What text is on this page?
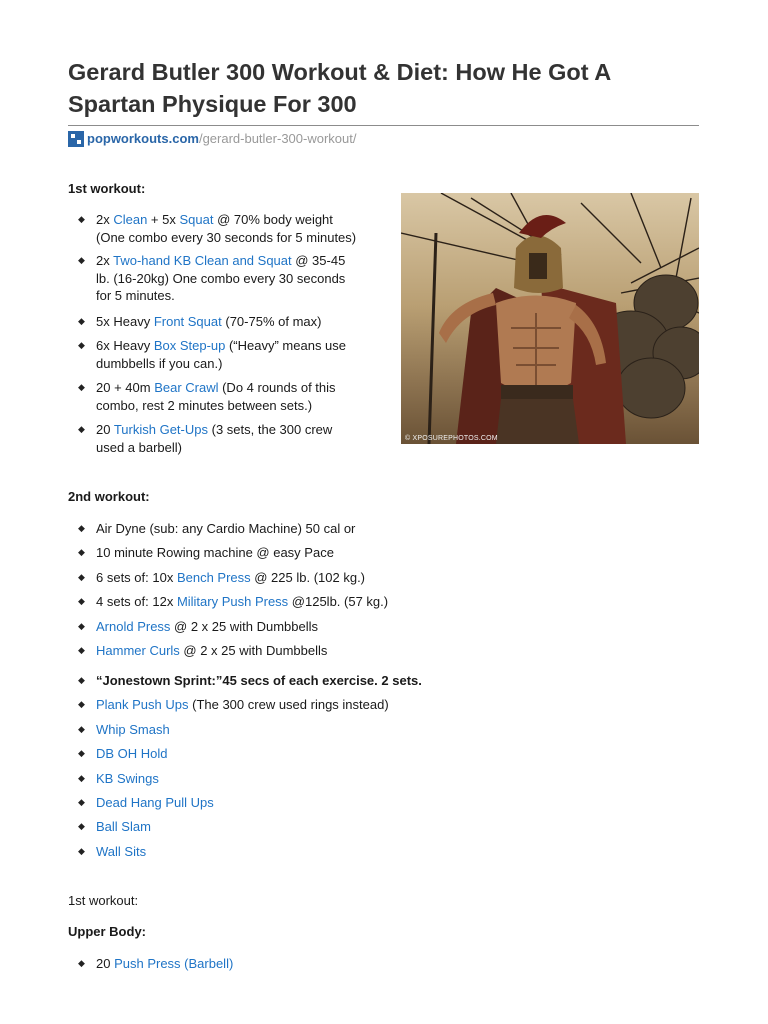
Gerard Butler 300 Workout & Diet: How He Got A
Spartan Physique For 300
popworkouts.com/gerard-butler-300-workout/
1st workout:
◆ 2x Clean + 5x Squat @ 70% body weight
(One combo every 30 seconds for 5 minutes)
◆ 2x Two-hand KB Clean and Squat @ 35-45
lb. (16-20kg) One combo every 30 seconds
for 5 minutes.
◆ 5x Heavy Front Squat (70-75% of max)
◆ 6x Heavy Box Step-up (“Heavy” means use
dumbbells if you can.)
◆ 20 + 40m Bear Crawl (Do 4 rounds of this
combo, rest 2 minutes between sets.)
◆ 20 Turkish Get-Ups (3 sets, the 300 crew
used a barbell)
© XPOSUREPHOTOS.COM
2nd workout:
◆ Air Dyne (sub: any Cardio Machine) 50 cal or
◆ 10 minute Rowing machine @ easy Pace
◆ 6 sets of: 10x Bench Press @ 225 lb. (102 kg.)
◆ 4 sets of: 12x Military Push Press @125lb. (57 kg.)
◆ Arnold Press @ 2 x 25 with Dumbbells
◆ Hammer Curls @ 2 x 25 with Dumbbells
◆ “Jonestown Sprint:”45 secs of each exercise. 2 sets.
◆ Plank Push Ups (The 300 crew used rings instead)
◆ Whip Smash
◆ DB OH Hold
◆ KB Swings
◆ Dead Hang Pull Ups
◆ Ball Slam
◆ Wall Sits
1st workout:
Upper Body:
◆ 20 Push Press (Barbell)
